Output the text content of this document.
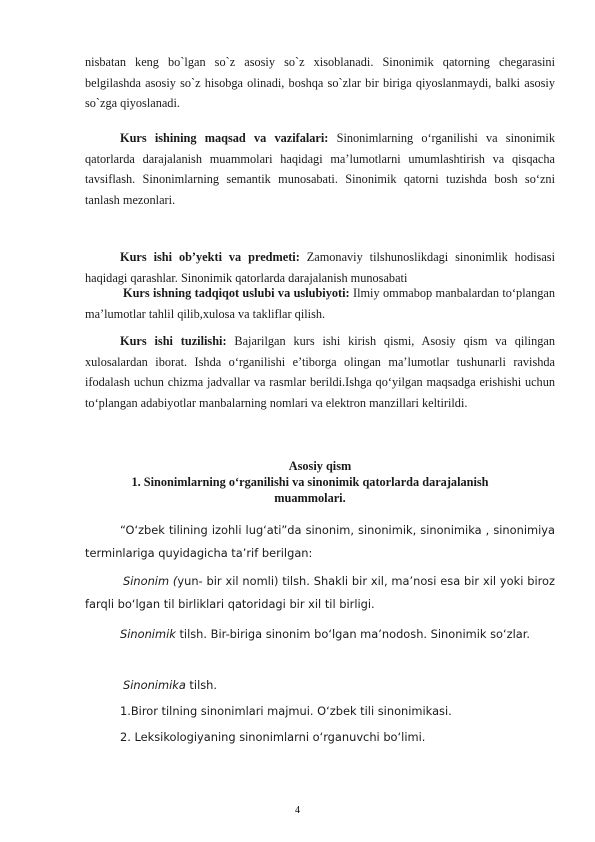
nisbatan keng bo`lgan so`z asosiy so`z xisoblanadi. Sinonimik qatorning chegarasini belgilashda asosiy so`z hisobga olinadi, boshqa so`zlar bir biriga qiyoslanmaydi, balki asosiy so`zga qiyoslanadi.

Kurs ishining maqsad va vazifalari: Sinonimlarning o‘rganilishi va sinonimik qatorlarda darajalanish muammolari haqidagi ma’lumotlarni umumlashtirish va qisqacha tavsiflash. Sinonimlarning semantik munosabati. Sinonimik qatorni tuzishda bosh so‘zni tanlash mezonlari.

Kurs ishi ob’yekti va predmeti: Zamonaviy tilshunoslikdagi sinonimlik hodisasi haqidagi qarashlar. Sinonimik qatorlarda darajalanish munosabati

Kurs ishning tadqiqot uslubi va uslubiyoti: Ilmiy ommabop manbalardan to‘plangan ma’lumotlar tahlil qilib,xulosa va takliflar qilish.

Kurs ishi tuzilishi: Bajarilgan kurs ishi kirish qismi, Asosiy qism va qilingan xulosalardan iborat. Ishda o‘rganilishi e’tiborga olingan ma’lumotlar tushunarli ravishda ifodalash uchun chizma jadvallar va rasmlar berildi.Ishga qo‘yilgan maqsadga erishishi uchun to‘plangan adabiyotlar manbalarning nomlari va elektron manzillari keltirildi.

Asosiy qism

1. Sinonimlarning o‘rganilishi va sinonimik qatorlarda darajalanish muammolari.

“O‘zbek tilining izohli lug‘ati”da sinonim, sinonimik, sinonimika , sinonimiya terminlariga quyidagicha ta’rif berilgan:

Sinonim (yun- bir xil nomli) tilsh. Shakli bir xil, ma’nosi esa bir xil yoki biroz farqli bo‘lgan til birliklari qatoridagi bir xil til birligi.

Sinonimik tilsh. Bir-biriga sinonim bo‘lgan ma’nodosh. Sinonimik so‘zlar.

Sinonimika tilsh.

1.Biror tilning sinonimlari majmui. O‘zbek tili sinonimikasi.

2. Leksikologiyaning sinonimlarni o‘rganuvchi bo‘limi.

4
